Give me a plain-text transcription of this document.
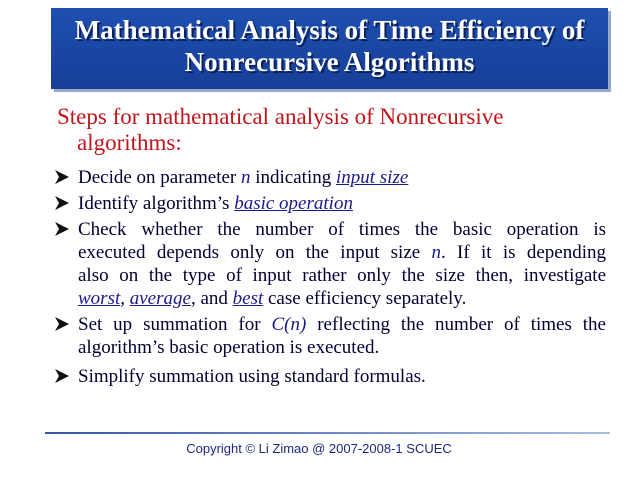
Mathematical Analysis of Time Efficiency of
Nonrecursive Algorithms
Steps for mathematical analysis of Nonrecursive
algorithms:
Decide on parameter n indicating input size
Identify algorithm’s basic operation
Check whether the number of times the basic operation is
executed depends only on the input size n. If it is depending
also on the type of input rather only the size then, investigate
worst, average, and best case efficiency separately.
Set up summation for C(n) reflecting the number of times the
algorithm’s basic operation is executed.
Simplify summation using standard formulas.
Copyright © Li Zimao @ 2007-2008-1 SCUEC
